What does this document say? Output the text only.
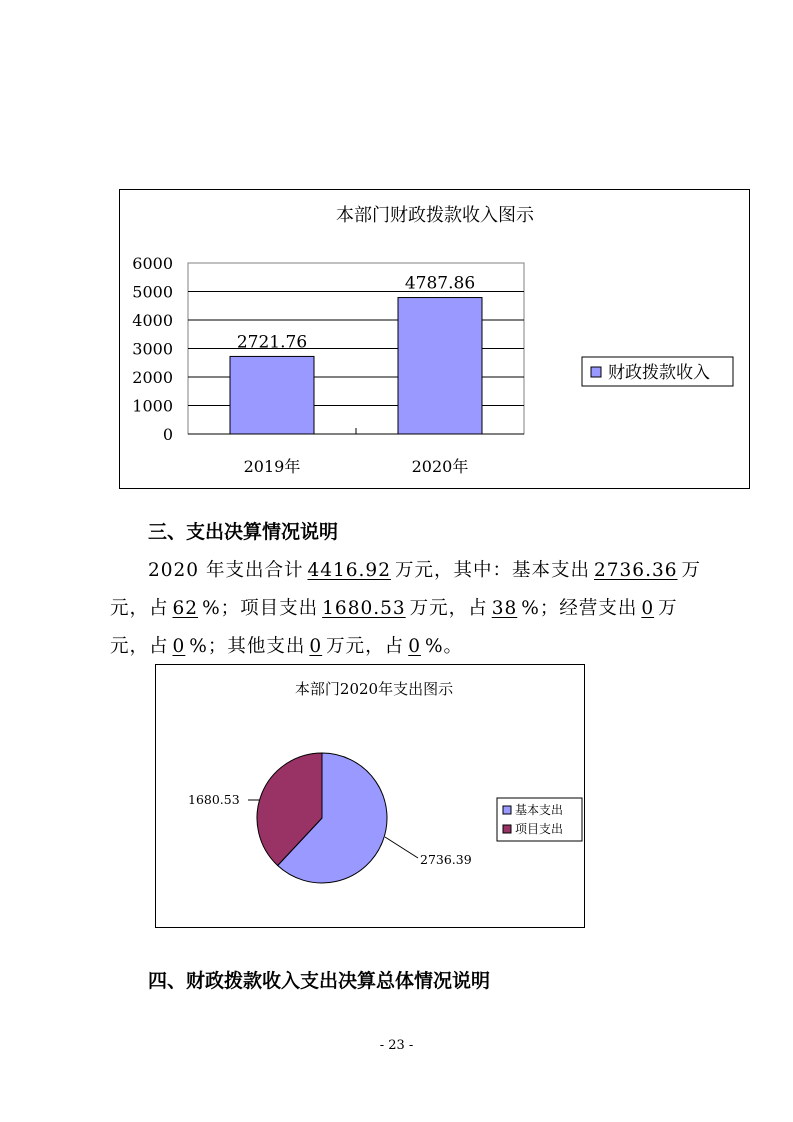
本部门财政拨款收入图示
0
1000
2000
3000
4000
5000
6000
2721.76
4787.86
2019年	2020年
财政拨款收入
三、支出决算情况说明
2020 年支出合计 4416.92 万元，其中：基本支出 2736.36 万
元，占 62 %；项目支出 1680.53 万元，占 38 %；经营支出 0 万
元，占 0 %；其他支出 0 万元，占 0 %。
本部门2020年支出图示
1680.53
2736.39
基本支出
项目支出
四、财政拨款收入支出决算总体情况说明
- 23 -
